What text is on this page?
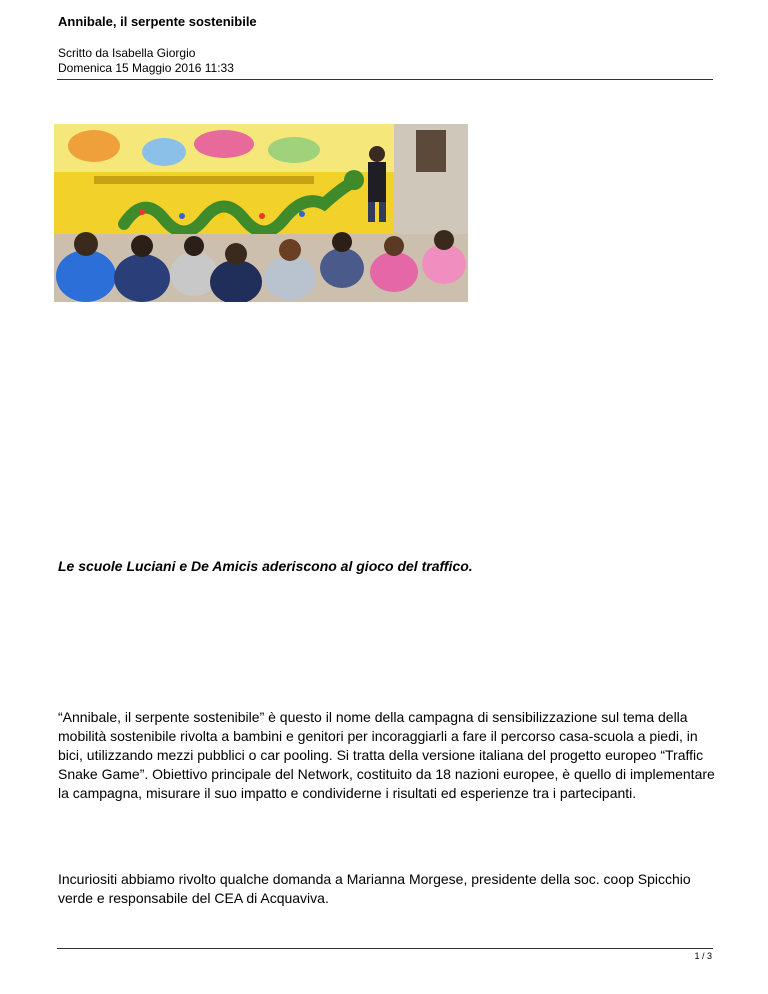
Annibale, il serpente sostenibile
Scritto da Isabella Giorgio
Domenica 15 Maggio 2016 11:33
Le scuole Luciani e De Amicis aderiscono al gioco del traffico.

“Annibale, il serpente sostenibile” è questo il nome della campagna di sensibilizzazione sul tema della mobilità sostenibile rivolta a bambini e genitori per incoraggiarli a fare il percorso casa-scuola a piedi, in bici, utilizzando mezzi pubblici o car pooling. Si tratta della versione italiana del progetto europeo “Traffic Snake Game”. Obiettivo principale del Network, costituito da 18 nazioni europee, è quello di implementare la campagna, misurare il suo impatto e condividerne i risultati ed esperienze tra i partecipanti.

Incuriositi abbiamo rivolto qualche domanda a Marianna Morgese, presidente della soc. coop Spicchio verde e responsabile del CEA di Acquaviva.

1 / 3
